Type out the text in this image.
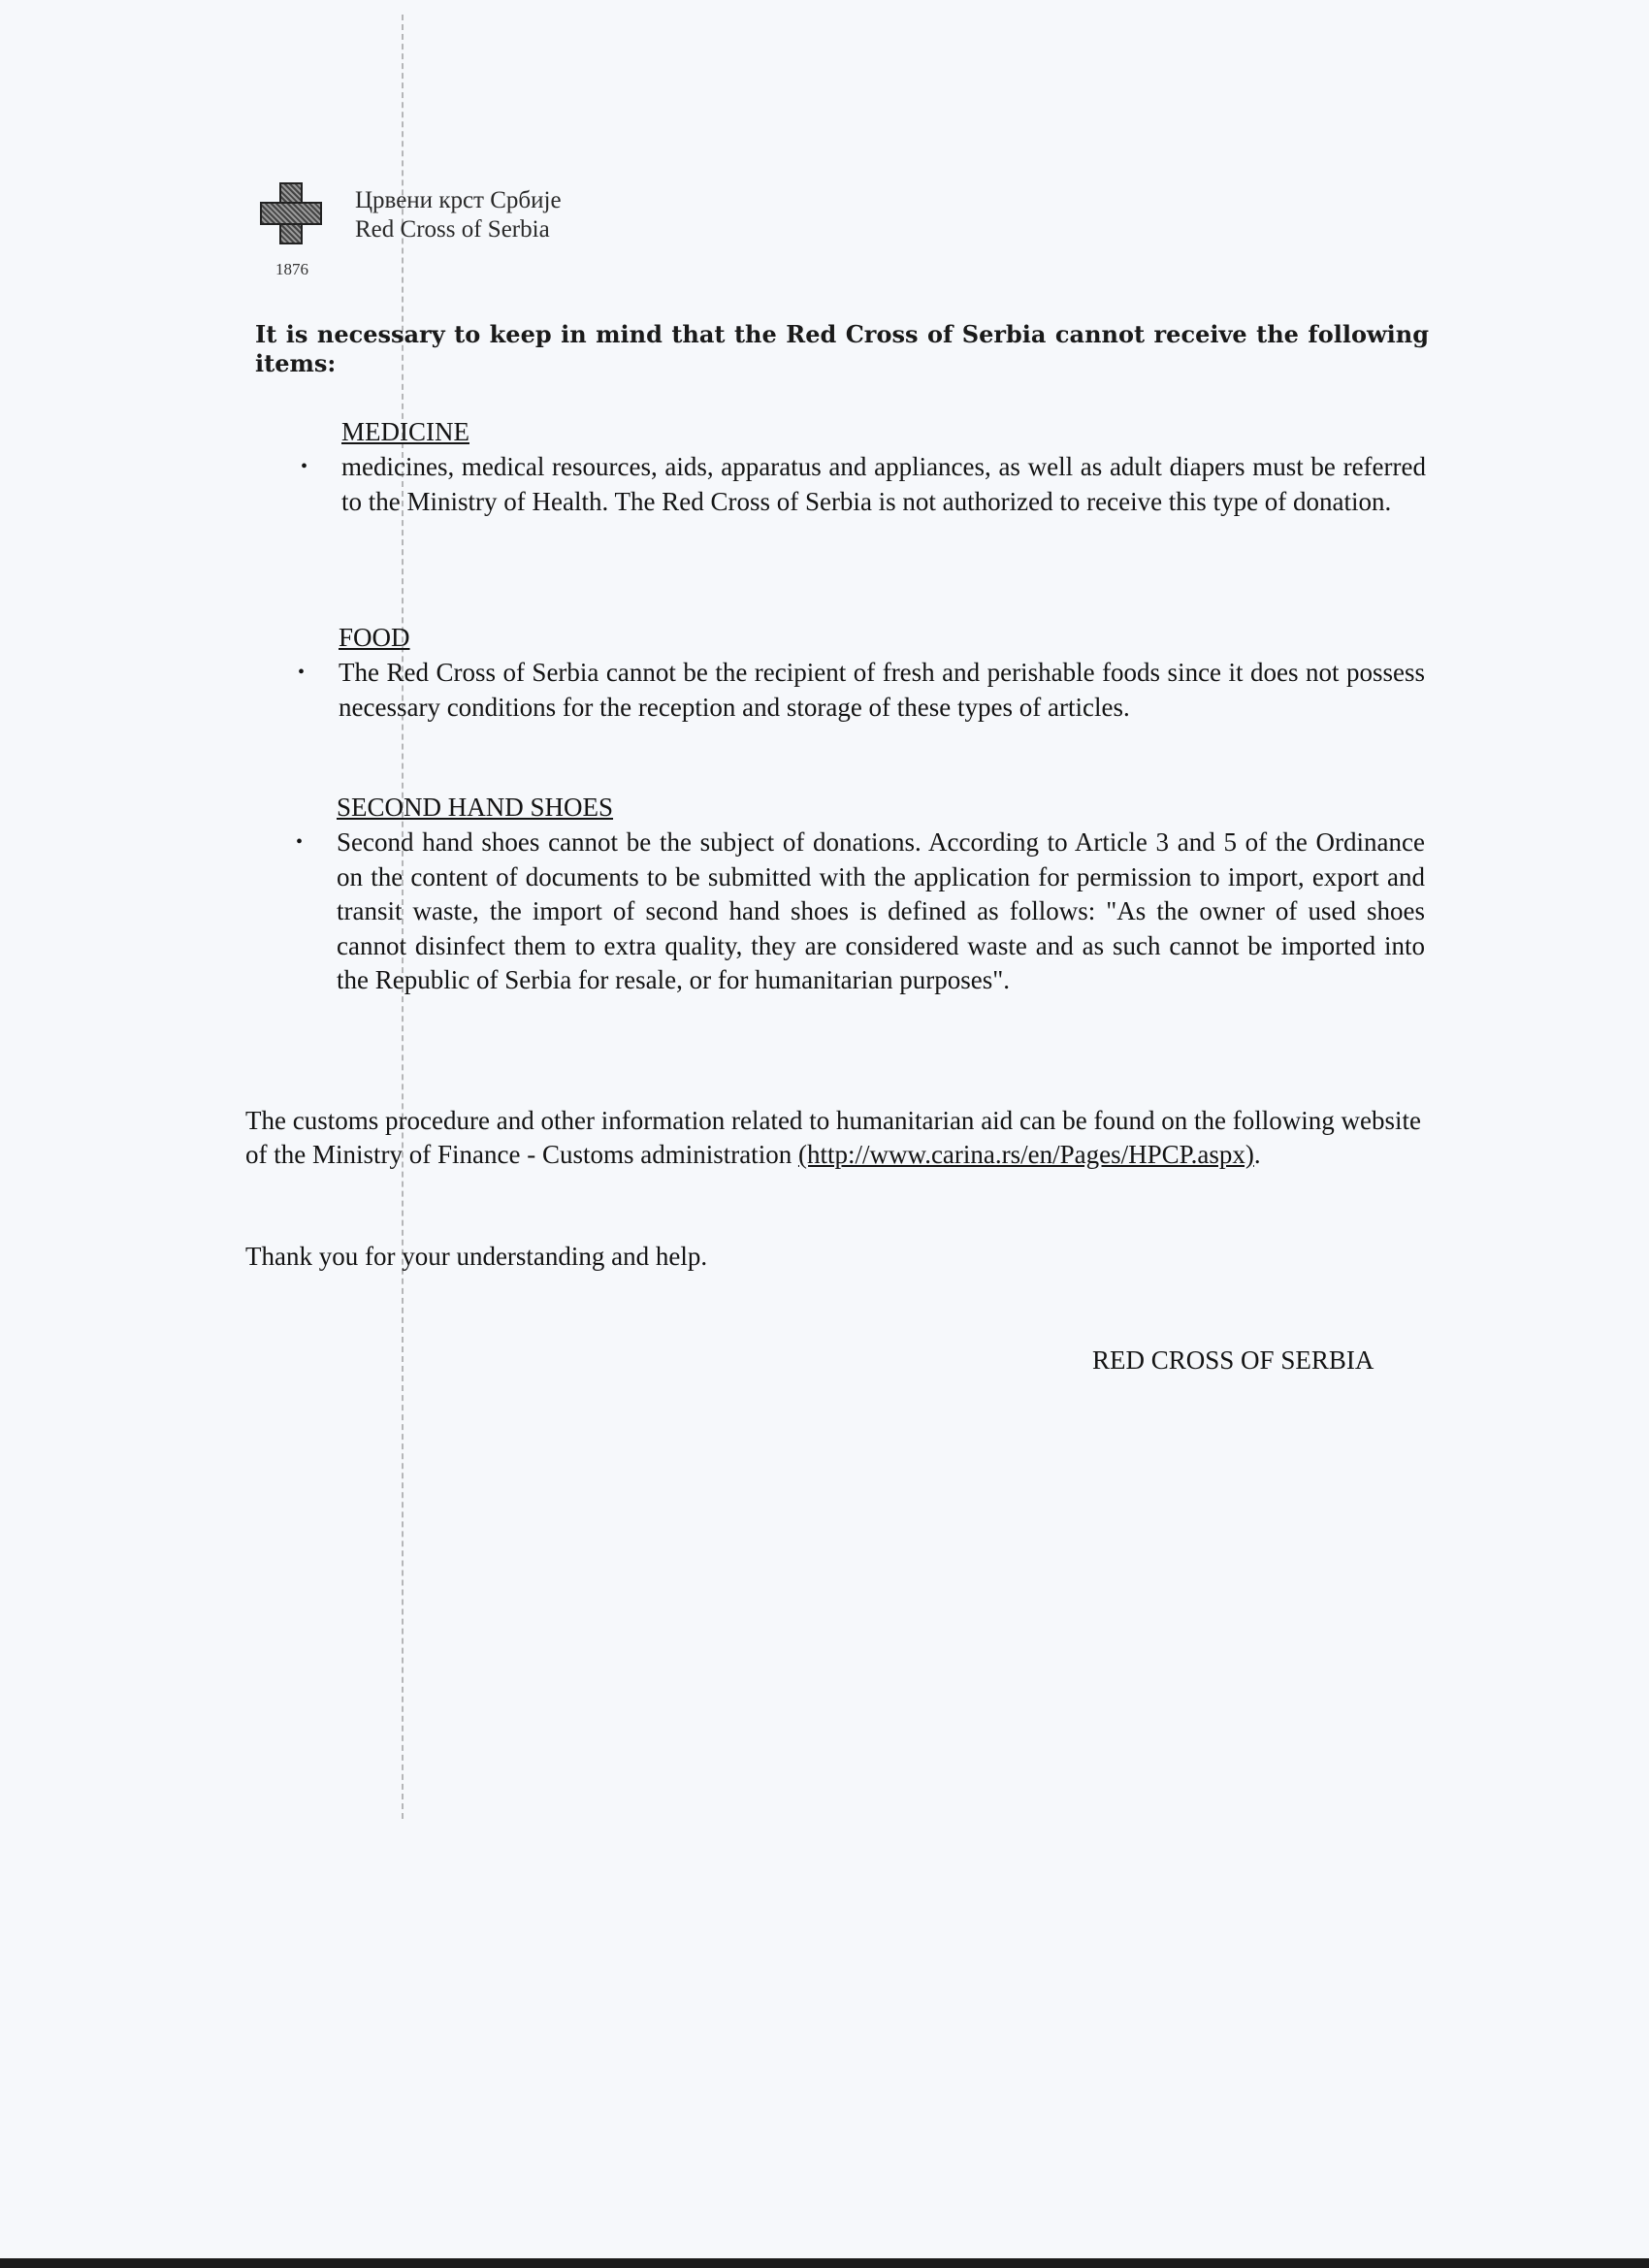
1876
Црвени крст Србије
Red Cross of Serbia
It is necessary to keep in mind that the Red Cross of Serbia cannot receive the following items:
MEDICINE
• medicines, medical resources, aids, apparatus and appliances, as well as adult diapers must be referred to the Ministry of Health. The Red Cross of Serbia is not authorized to receive this type of donation.
FOOD
• The Red Cross of Serbia cannot be the recipient of fresh and perishable foods since it does not possess necessary conditions for the reception and storage of these types of articles.
SECOND HAND SHOES
• Second hand shoes cannot be the subject of donations. According to Article 3 and 5 of the Ordinance on the content of documents to be submitted with the application for permission to import, export and transit waste, the import of second hand shoes is defined as follows: "As the owner of used shoes cannot disinfect them to extra quality, they are considered waste and as such cannot be imported into the Republic of Serbia for resale, or for humanitarian purposes".
The customs procedure and other information related to humanitarian aid can be found on the following website of the Ministry of Finance - Customs administration (http://www.carina.rs/en/Pages/HPCP.aspx).
Thank you for your understanding and help.
RED CROSS OF SERBIA
